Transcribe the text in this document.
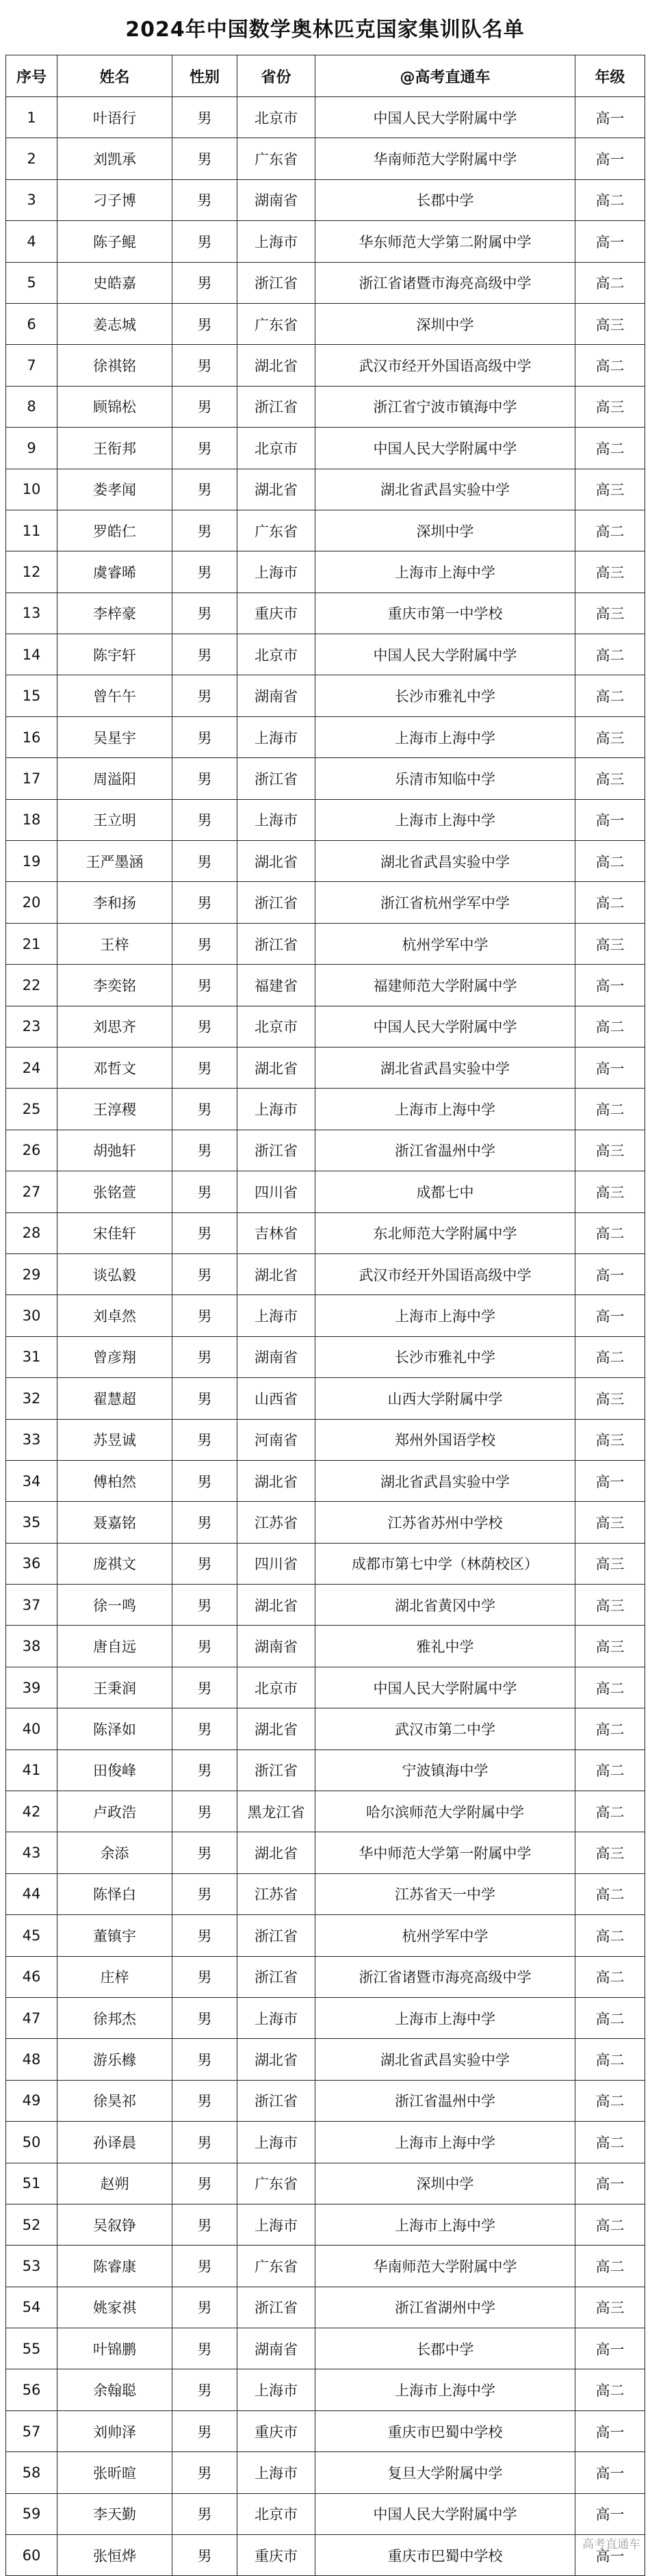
2024年中国数学奥林匹克国家集训队名单
序号	姓名	性别	省份	@高考直通车	年级
1	叶语行	男	北京市	中国人民大学附属中学	高一
2	刘凯承	男	广东省	华南师范大学附属中学	高一
3	刁子博	男	湖南省	长郡中学	高二
4	陈子鲲	男	上海市	华东师范大学第二附属中学	高一
5	史皓嘉	男	浙江省	浙江省诸暨市海亮高级中学	高二
6	姜志城	男	广东省	深圳中学	高三
7	徐祺铭	男	湖北省	武汉市经开外国语高级中学	高二
8	顾锦松	男	浙江省	浙江省宁波市镇海中学	高三
9	王衔邦	男	北京市	中国人民大学附属中学	高二
10	娄孝闻	男	湖北省	湖北省武昌实验中学	高三
11	罗皓仁	男	广东省	深圳中学	高二
12	虞睿晞	男	上海市	上海市上海中学	高三
13	李梓豪	男	重庆市	重庆市第一中学校	高三
14	陈宇轩	男	北京市	中国人民大学附属中学	高二
15	曾午午	男	湖南省	长沙市雅礼中学	高二
16	吴星宇	男	上海市	上海市上海中学	高三
17	周溢阳	男	浙江省	乐清市知临中学	高三
18	王立明	男	上海市	上海市上海中学	高一
19	王严墨涵	男	湖北省	湖北省武昌实验中学	高二
20	李和扬	男	浙江省	浙江省杭州学军中学	高二
21	王梓	男	浙江省	杭州学军中学	高三
22	李奕铭	男	福建省	福建师范大学附属中学	高一
23	刘思齐	男	北京市	中国人民大学附属中学	高二
24	邓哲文	男	湖北省	湖北省武昌实验中学	高一
25	王淳稷	男	上海市	上海市上海中学	高二
26	胡弛轩	男	浙江省	浙江省温州中学	高三
27	张铭萱	男	四川省	成都七中	高三
28	宋佳轩	男	吉林省	东北师范大学附属中学	高二
29	谈弘毅	男	湖北省	武汉市经开外国语高级中学	高一
30	刘卓然	男	上海市	上海市上海中学	高一
31	曾彦翔	男	湖南省	长沙市雅礼中学	高二
32	翟慧超	男	山西省	山西大学附属中学	高三
33	苏昱诚	男	河南省	郑州外国语学校	高三
34	傅柏然	男	湖北省	湖北省武昌实验中学	高一
35	聂嘉铭	男	江苏省	江苏省苏州中学校	高三
36	庞祺文	男	四川省	成都市第七中学（林荫校区）	高三
37	徐一鸣	男	湖北省	湖北省黄冈中学	高三
38	唐自远	男	湖南省	雅礼中学	高三
39	王秉润	男	北京市	中国人民大学附属中学	高二
40	陈泽如	男	湖北省	武汉市第二中学	高二
41	田俊峰	男	浙江省	宁波镇海中学	高二
42	卢政浩	男	黑龙江省	哈尔滨师范大学附属中学	高二
43	余添	男	湖北省	华中师范大学第一附属中学	高三
44	陈怿白	男	江苏省	江苏省天一中学	高二
45	董镇宇	男	浙江省	杭州学军中学	高二
46	庄梓	男	浙江省	浙江省诸暨市海亮高级中学	高二
47	徐邦杰	男	上海市	上海市上海中学	高二
48	游乐橼	男	湖北省	湖北省武昌实验中学	高二
49	徐昊祁	男	浙江省	浙江省温州中学	高二
50	孙译晨	男	上海市	上海市上海中学	高二
51	赵朔	男	广东省	深圳中学	高一
52	吴叙铮	男	上海市	上海市上海中学	高二
53	陈睿康	男	广东省	华南师范大学附属中学	高二
54	姚家祺	男	浙江省	浙江省湖州中学	高三
55	叶锦鹏	男	湖南省	长郡中学	高一
56	余翰聪	男	上海市	上海市上海中学	高二
57	刘帅泽	男	重庆市	重庆市巴蜀中学校	高一
58	张昕暄	男	上海市	复旦大学附属中学	高一
59	李天勤	男	北京市	中国人民大学附属中学	高一
60	张恒烨	男	重庆市	重庆市巴蜀中学校	高一
高考直通车
